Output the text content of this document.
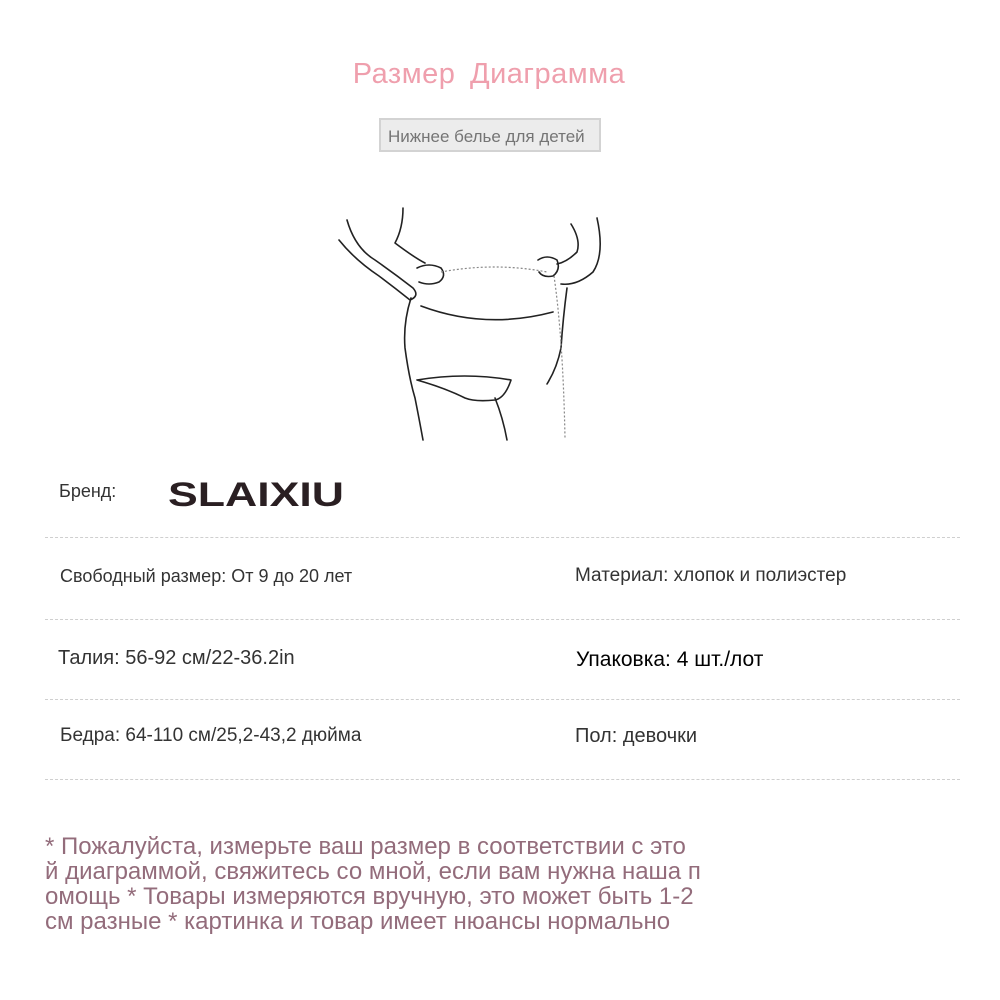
Размер Диаграмма
Нижнее белье для детей
Бренд: SLAIXIU
Свободный размер: От 9 до 20 лет	Материал: хлопок и полиэстер
Талия: 56-92 см/22-36.2in	Упаковка: 4 шт./лот
Бедра: 64-110 см/25,2-43,2 дюйма	Пол: девочки
* Пожалуйста, измерьте ваш размер в соответствии с это
й диаграммой, свяжитесь со мной, если вам нужна наша п
омощь * Товары измеряются вручную, это может быть 1-2
см разные * картинка и товар имеет нюансы нормально
